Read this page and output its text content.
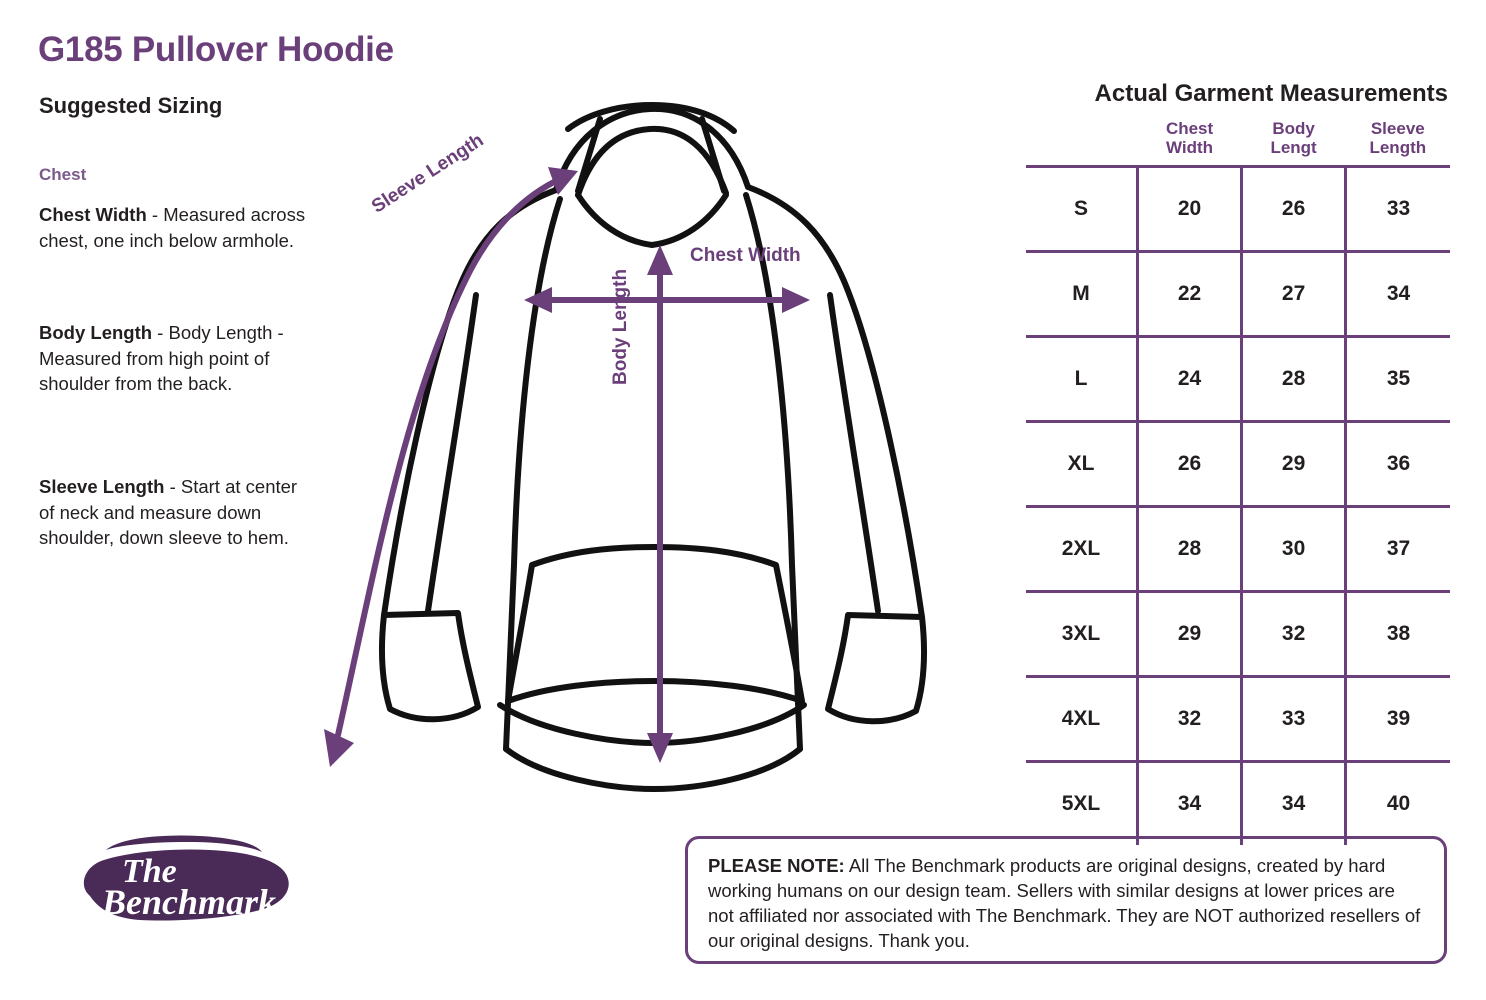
G185 Pullover Hoodie
Suggested Sizing
Chest
Chest Width - Measured across chest, one inch below armhole.
Body Length - Body Length - Measured from high point of shoulder from the back.
Sleeve Length - Start at center of neck and measure down shoulder, down sleeve to hem.
The
Benchmark
Chest Width
Body Length
Sleeve Length
Actual Garment Measurements

Chest
Width

Body
Lengt

Sleeve
Length

S	20	26	33
M	22	27	34
L	24	28	35
XL	26	29	36
2XL	28	30	37
3XL	29	32	38
4XL	32	33	39
5XL	34	34	40
PLEASE NOTE: All The Benchmark products are original designs, created by hard working humans on our design team. Sellers with similar designs at lower prices are not affiliated nor associated with The Benchmark. They are NOT authorized resellers of our original designs. Thank you.
